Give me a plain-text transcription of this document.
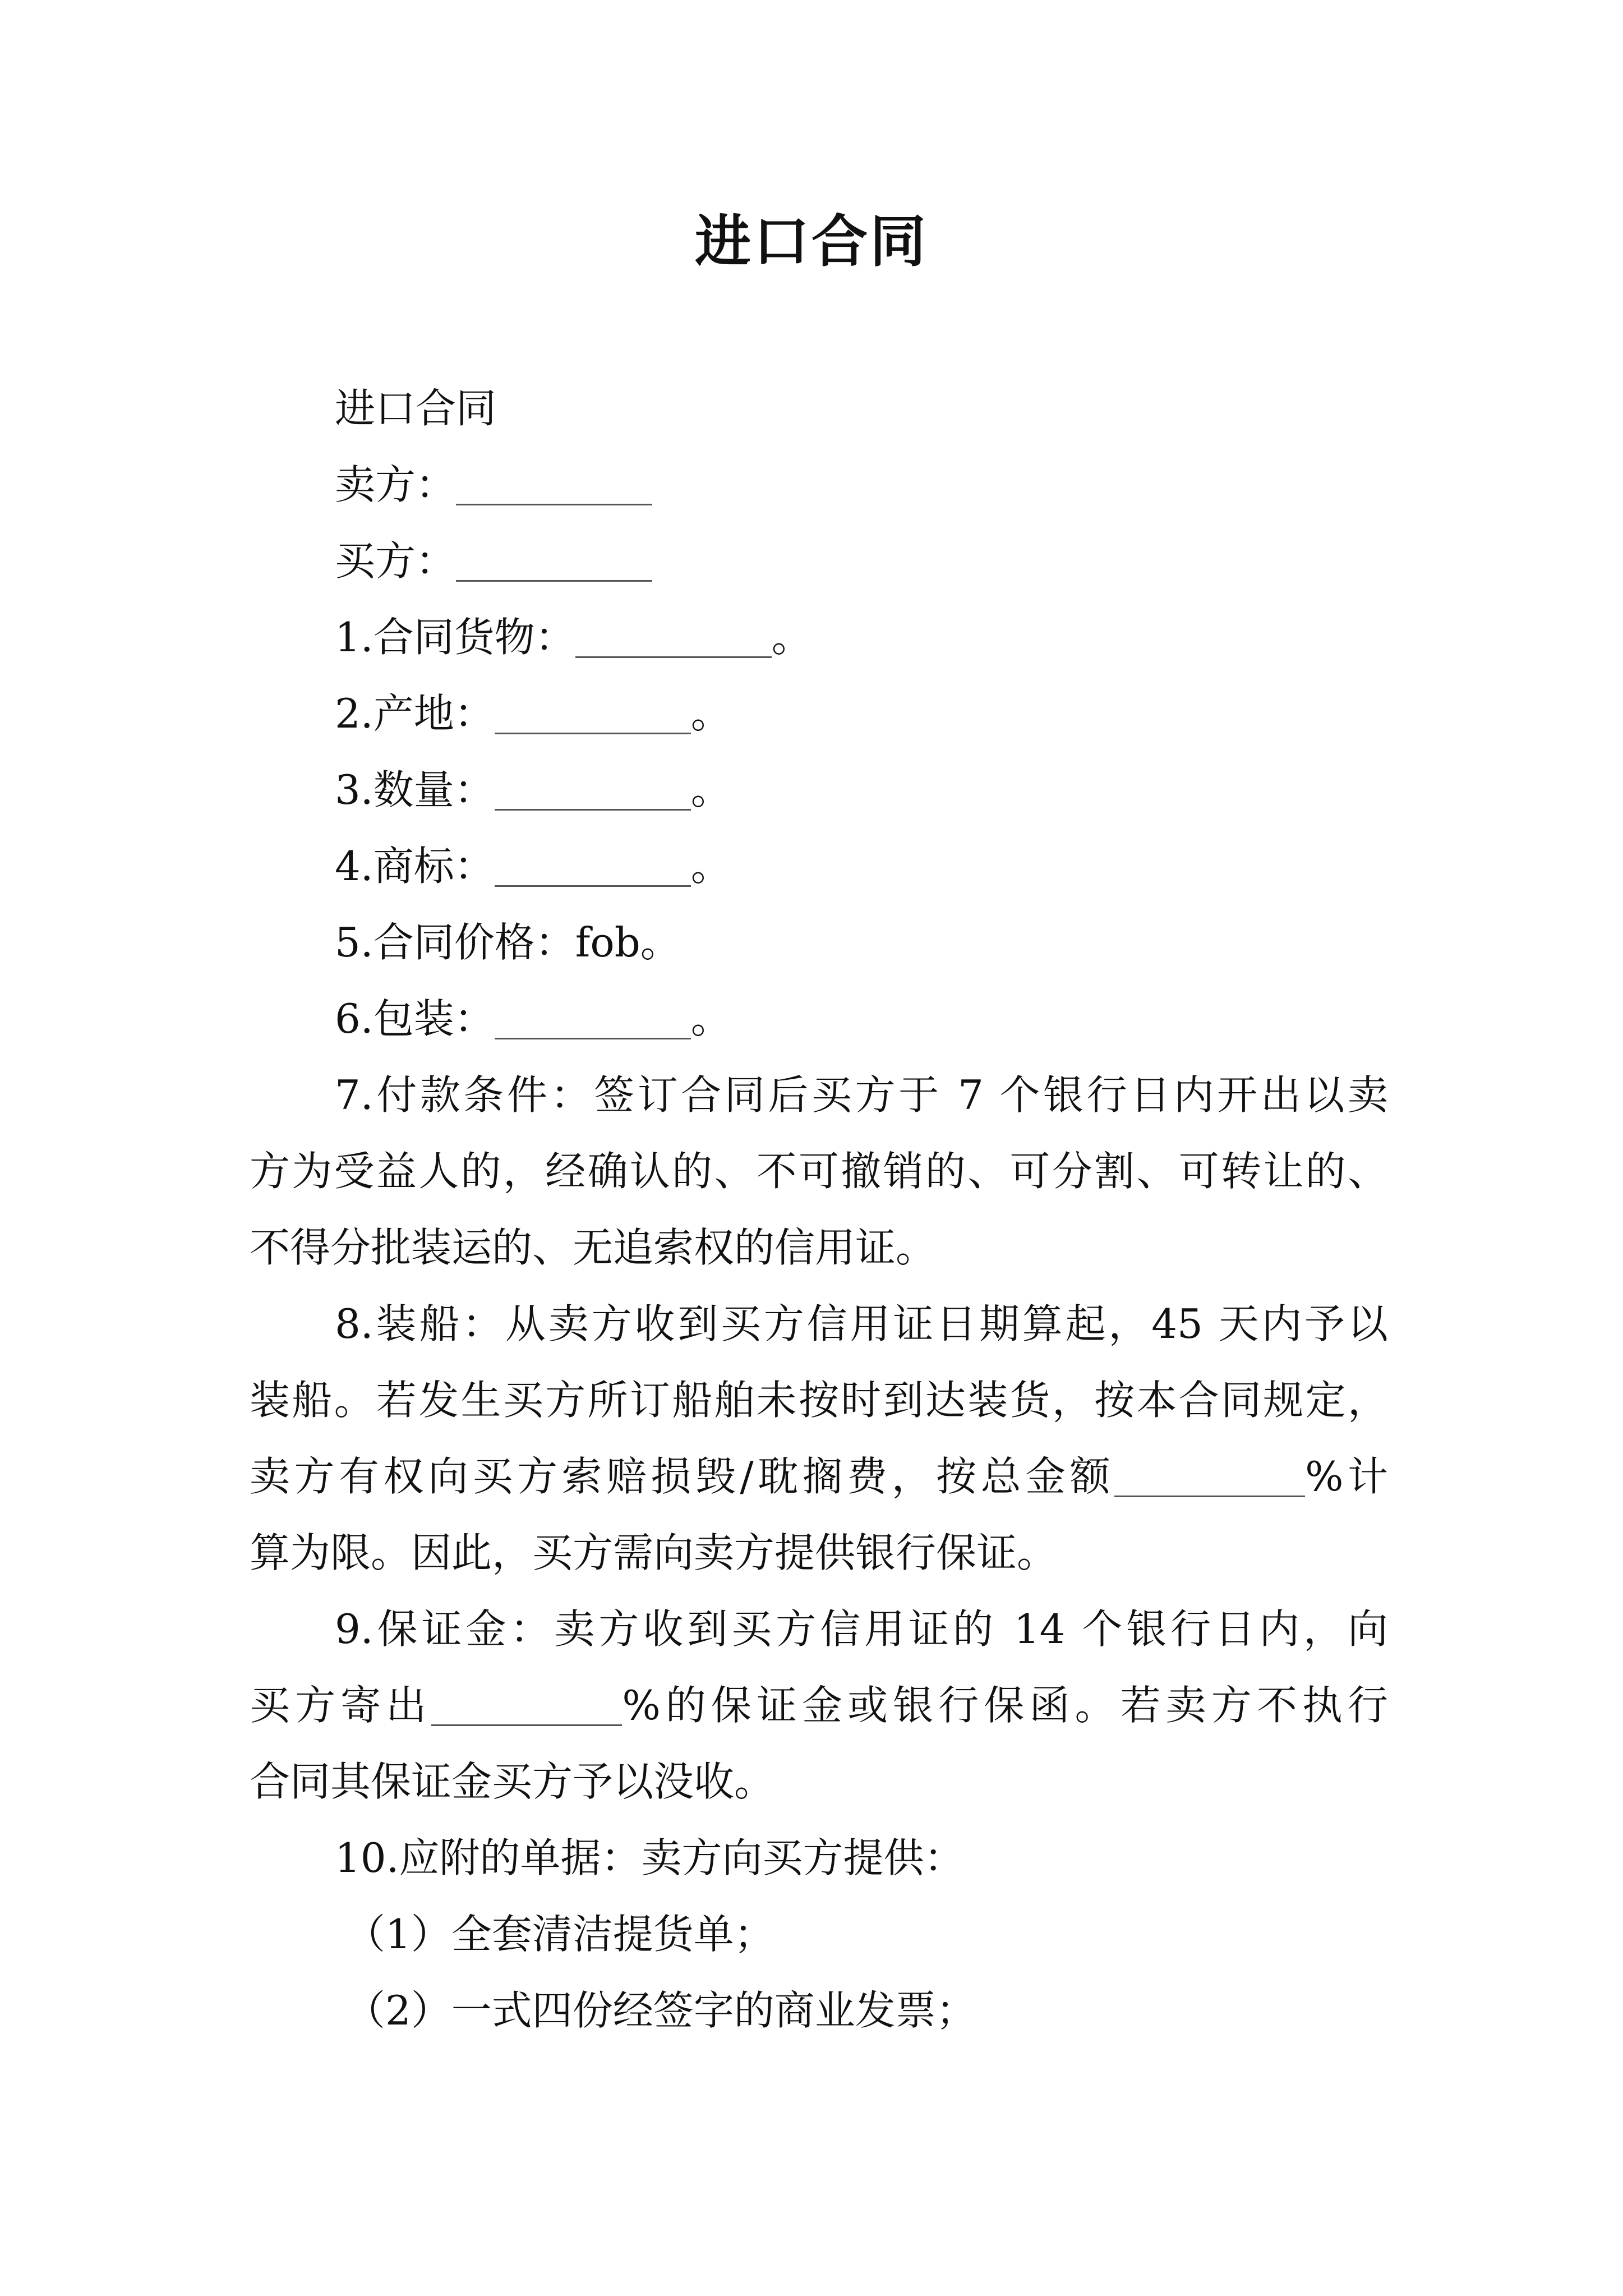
进口合同
进口合同
卖方：
买方：
1.合同货物：	。
2.产地：	。
3.数量：	。
4.商标：	。
5.合同价格：fob。
6.包装：	。
7.付款条件：签订合同后买方于 7 个银行日内开出以卖
方为受益人的，经确认的、不可撤销的、可分割、可转让的、
不得分批装运的、无追索权的信用证。
8.装船：从卖方收到买方信用证日期算起，45 天内予以
装船。若发生买方所订船舶未按时到达装货，按本合同规定，
卖方有权向买方索赔损毁/耽搁费，按总金额	%计
算为限。因此，买方需向卖方提供银行保证。
9.保证金：卖方收到买方信用证的 14 个银行日内，向
买方寄出	%的保证金或银行保函。若卖方不执行
合同其保证金买方予以没收。
10.应附的单据：卖方向买方提供：
（1）全套清洁提货单；
（2）一式四份经签字的商业发票；
